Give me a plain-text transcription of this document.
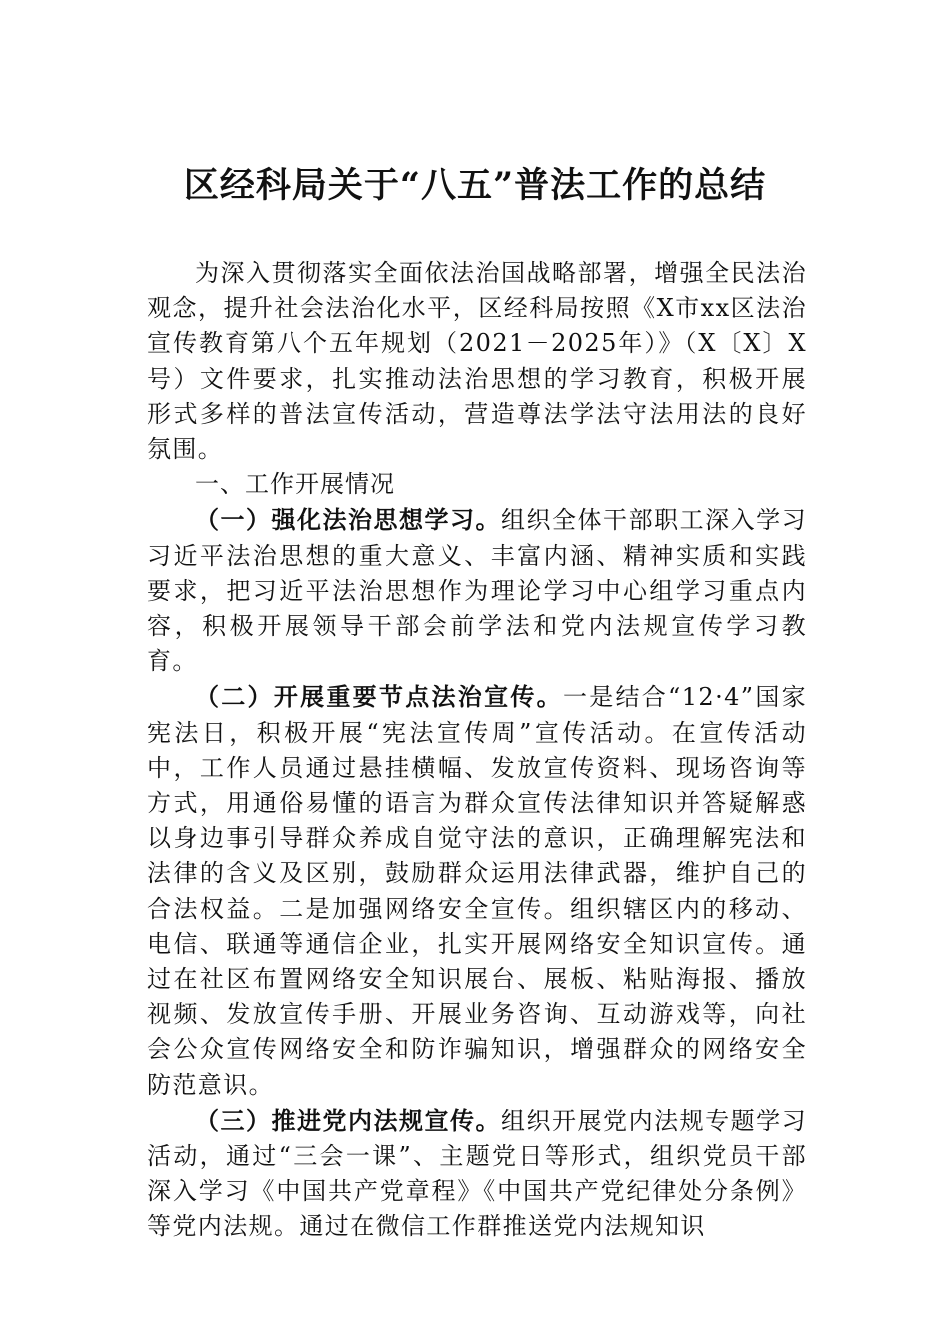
区经科局关于“八五”普法工作的总结

为深入贯彻落实全面依法治国战略部署，增强全民法治观念，提升社会法治化水平，区经科局按照《X市xx区法治宣传教育第八个五年规划（2021－2025年）》（X〔X〕X号）文件要求，扎实推动法治思想的学习教育，积极开展形式多样的普法宣传活动，营造尊法学法守法用法的良好氛围。

一、工作开展情况

（一）强化法治思想学习。组织全体干部职工深入学习习近平法治思想的重大意义、丰富内涵、精神实质和实践要求，把习近平法治思想作为理论学习中心组学习重点内容，积极开展领导干部会前学法和党内法规宣传学习教育。

（二）开展重要节点法治宣传。一是结合“12·4”国家宪法日，积极开展“宪法宣传周”宣传活动。在宣传活动中，工作人员通过悬挂横幅、发放宣传资料、现场咨询等方式，用通俗易懂的语言为群众宣传法律知识并答疑解惑以身边事引导群众养成自觉守法的意识，正确理解宪法和法律的含义及区别，鼓励群众运用法律武器，维护自己的合法权益。二是加强网络安全宣传。组织辖区内的移动、电信、联通等通信企业，扎实开展网络安全知识宣传。通过在社区布置网络安全知识展台、展板、粘贴海报、播放视频、发放宣传手册、开展业务咨询、互动游戏等，向社会公众宣传网络安全和防诈骗知识，增强群众的网络安全防范意识。

（三）推进党内法规宣传。组织开展党内法规专题学习活动，通过“三会一课”、主题党日等形式，组织党员干部深入学习《中国共产党章程》《中国共产党纪律处分条例》等党内法规。通过在微信工作群推送党内法规知识
